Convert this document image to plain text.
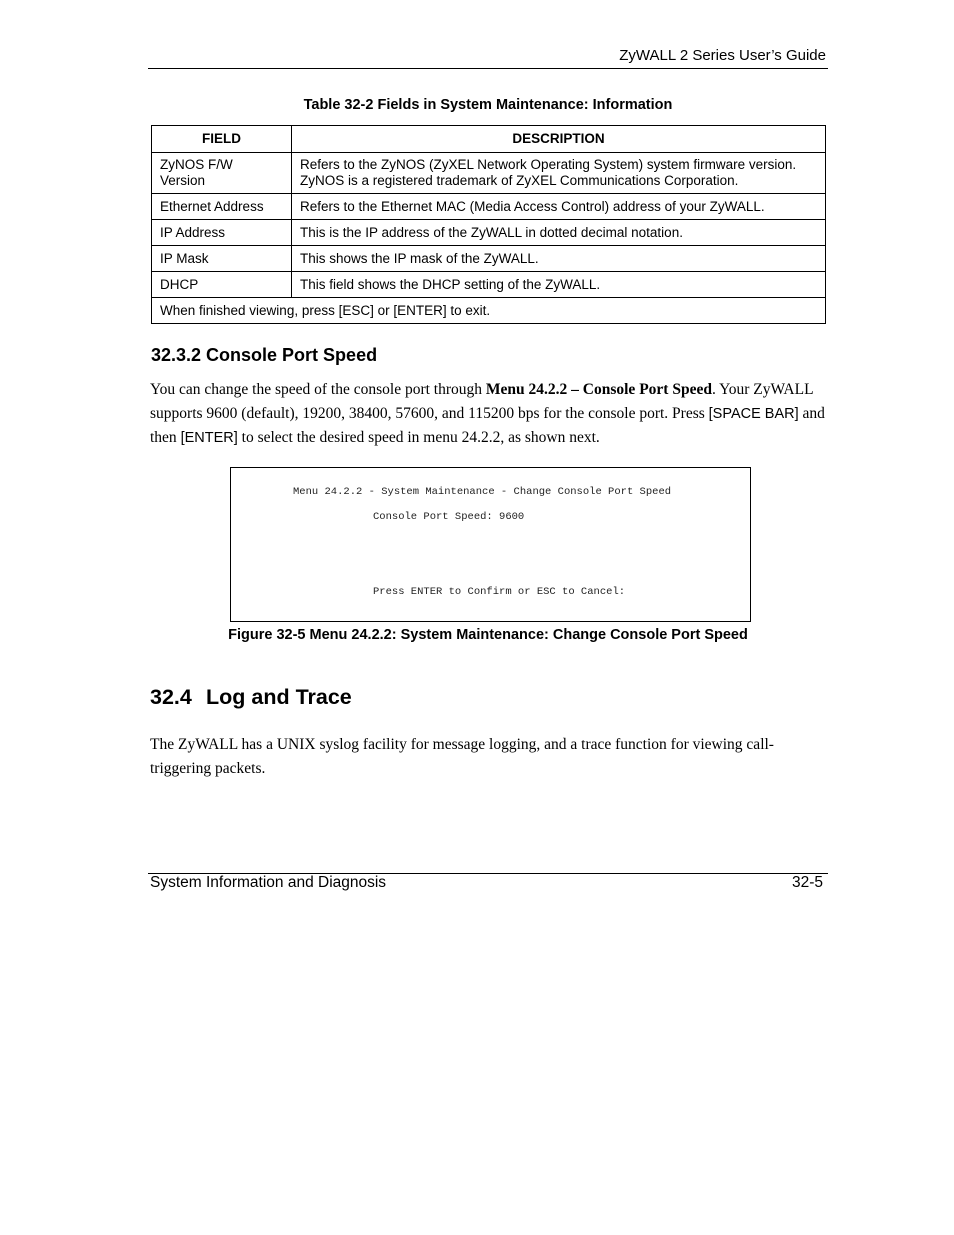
ZyWALL 2 Series User’s Guide
Table 32-2 Fields in System Maintenance: Information
FIELD	DESCRIPTION
ZyNOS F/W
Version	Refers to the ZyNOS (ZyXEL Network Operating System) system firmware version.
ZyNOS is a registered trademark of ZyXEL Communications Corporation.
Ethernet Address	Refers to the Ethernet MAC (Media Access Control) address of your ZyWALL.
IP Address	This is the IP address of the ZyWALL in dotted decimal notation.
IP Mask	This shows the IP mask of the ZyWALL.
DHCP	This field shows the DHCP setting of the ZyWALL.
When finished viewing, press [ESC] or [ENTER] to exit.	
32.3.2 Console Port Speed
You can change the speed of the console port through Menu 24.2.2 – Console Port Speed. Your ZyWALL supports 9600 (default), 19200, 38400, 57600, and 115200 bps for the console port. Press [SPACE BAR] and then [ENTER] to select the desired speed in menu 24.2.2, as shown next.
Menu 24.2.2 - System Maintenance - Change Console Port Speed
Console Port Speed: 9600
Press ENTER to Confirm or ESC to Cancel:
Figure 32-5 Menu 24.2.2: System Maintenance: Change Console Port Speed
32.4 Log and Trace
The ZyWALL has a UNIX syslog facility for message logging, and a trace function for viewing call-triggering packets.
System Information and Diagnosis	32-5
